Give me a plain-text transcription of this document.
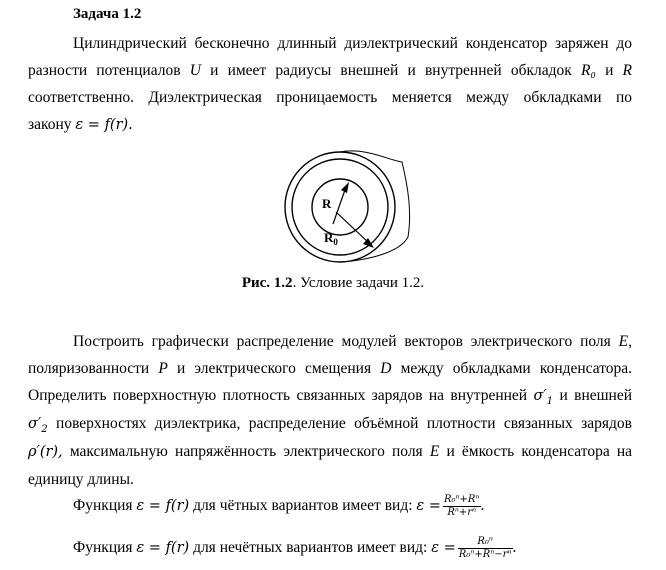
Задача 1.2
Цилиндрический бесконечно длинный диэлектрический конденсатор заряжен до
разности потенциалов U и имеет радиусы внешней и внутренней обкладок R₀ и R
соответственно. Диэлектрическая проницаемость меняется между обкладками по
закону ε = f(r).
R
$R_0$
Рис. 1.2. Условие задачи 1.2.
Построить графически распределение модулей векторов электрического поля E,
поляризованности P и электрического смещения D между обкладками конденсатора.
Определить поверхностную плотность связанных зарядов на внутренней $\sigma'_1$ и внешней
$\sigma'_2$ поверхностях диэлектрика, распределение объёмной плотности связанных зарядов
ρ′(r), максимальную напряжённость электрического поля E и ёмкость конденсатора на
единицу длины.
Функция ε = f(r) для чётных вариантов имеет вид: $\varepsilon = \frac{\text{R₀ⁿ+Rⁿ}}{\text{Rⁿ+rⁿ}}$ .
Функция ε = f(r) для нечётных вариантов имеет вид: $\varepsilon = \frac{\text{R₀ⁿ}}{\text{R₀ⁿ+Rⁿ−rⁿ}}$ .
